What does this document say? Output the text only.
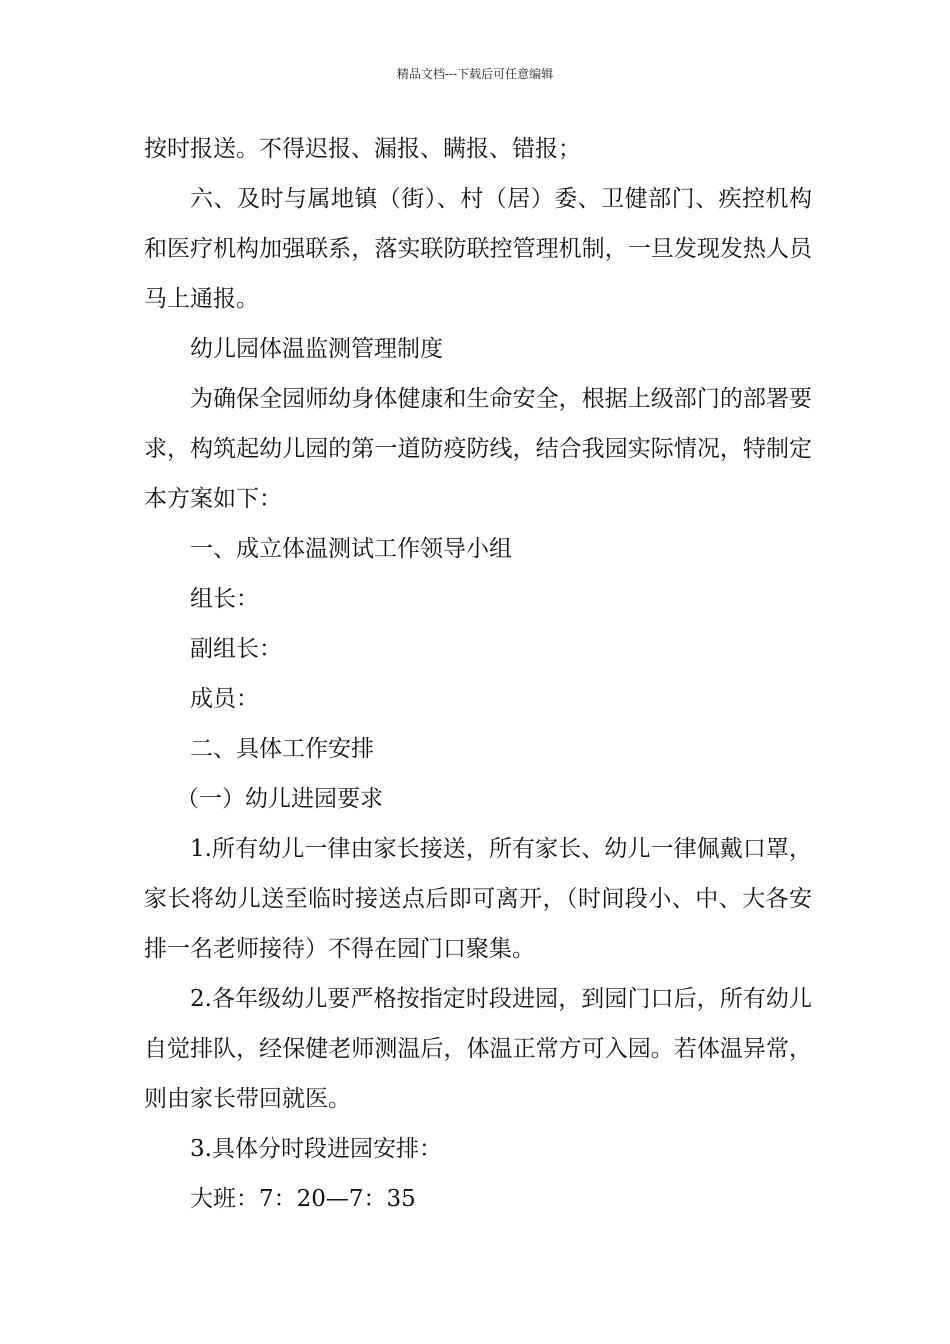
精品文档---下载后可任意编辑

按时报送。不得迟报、漏报、瞒报、错报；

六、及时与属地镇（街）、村（居）委、卫健部门、疾控机构和医疗机构加强联系，落实联防联控管理机制，一旦发现发热人员马上通报。

幼儿园体温监测管理制度

为确保全园师幼身体健康和生命安全，根据上级部门的部署要求，构筑起幼儿园的第一道防疫防线，结合我园实际情况，特制定本方案如下：

一、成立体温测试工作领导小组

组长：

副组长：

成员：

二、具体工作安排

（一）幼儿进园要求

1.所有幼儿一律由家长接送，所有家长、幼儿一律佩戴口罩，家长将幼儿送至临时接送点后即可离开，（时间段小、中、大各安排一名老师接待）不得在园门口聚集。

2.各年级幼儿要严格按指定时段进园，到园门口后，所有幼儿自觉排队，经保健老师测温后，体温正常方可入园。若体温异常，则由家长带回就医。

3.具体分时段进园安排：

大班：7：20—7：35
